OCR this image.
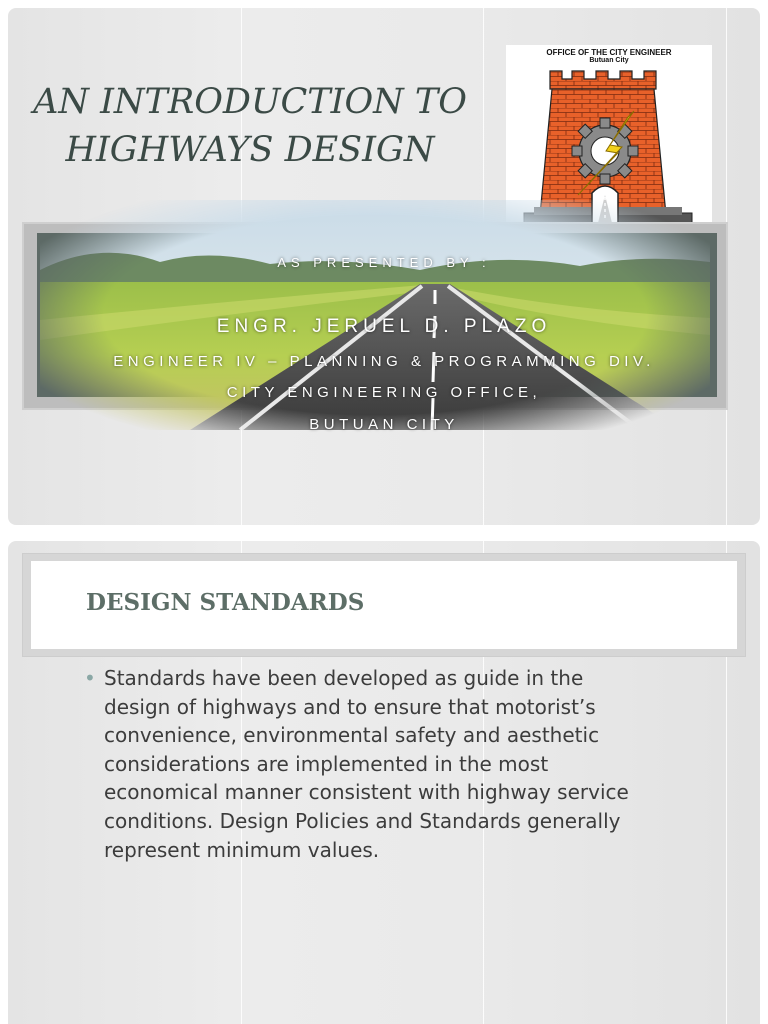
AN INTRODUCTION TO
HIGHWAYS DESIGN
OFFICE OF THE CITY ENGINEER
Butuan City

AS PRESENTED BY :

ENGR. JERUEL D. PLAZO

ENGINEER IV – PLANNING & PROGRAMMING DIV.

CITY ENGINEERING OFFICE,

BUTUAN CITY

DESIGN STANDARDS
• Standards have been developed as guide in the design of highways and to ensure that motorist’s convenience, environmental safety and aesthetic considerations are implemented in the most economical manner consistent with highway service conditions. Design Policies and Standards generally represent minimum values.
